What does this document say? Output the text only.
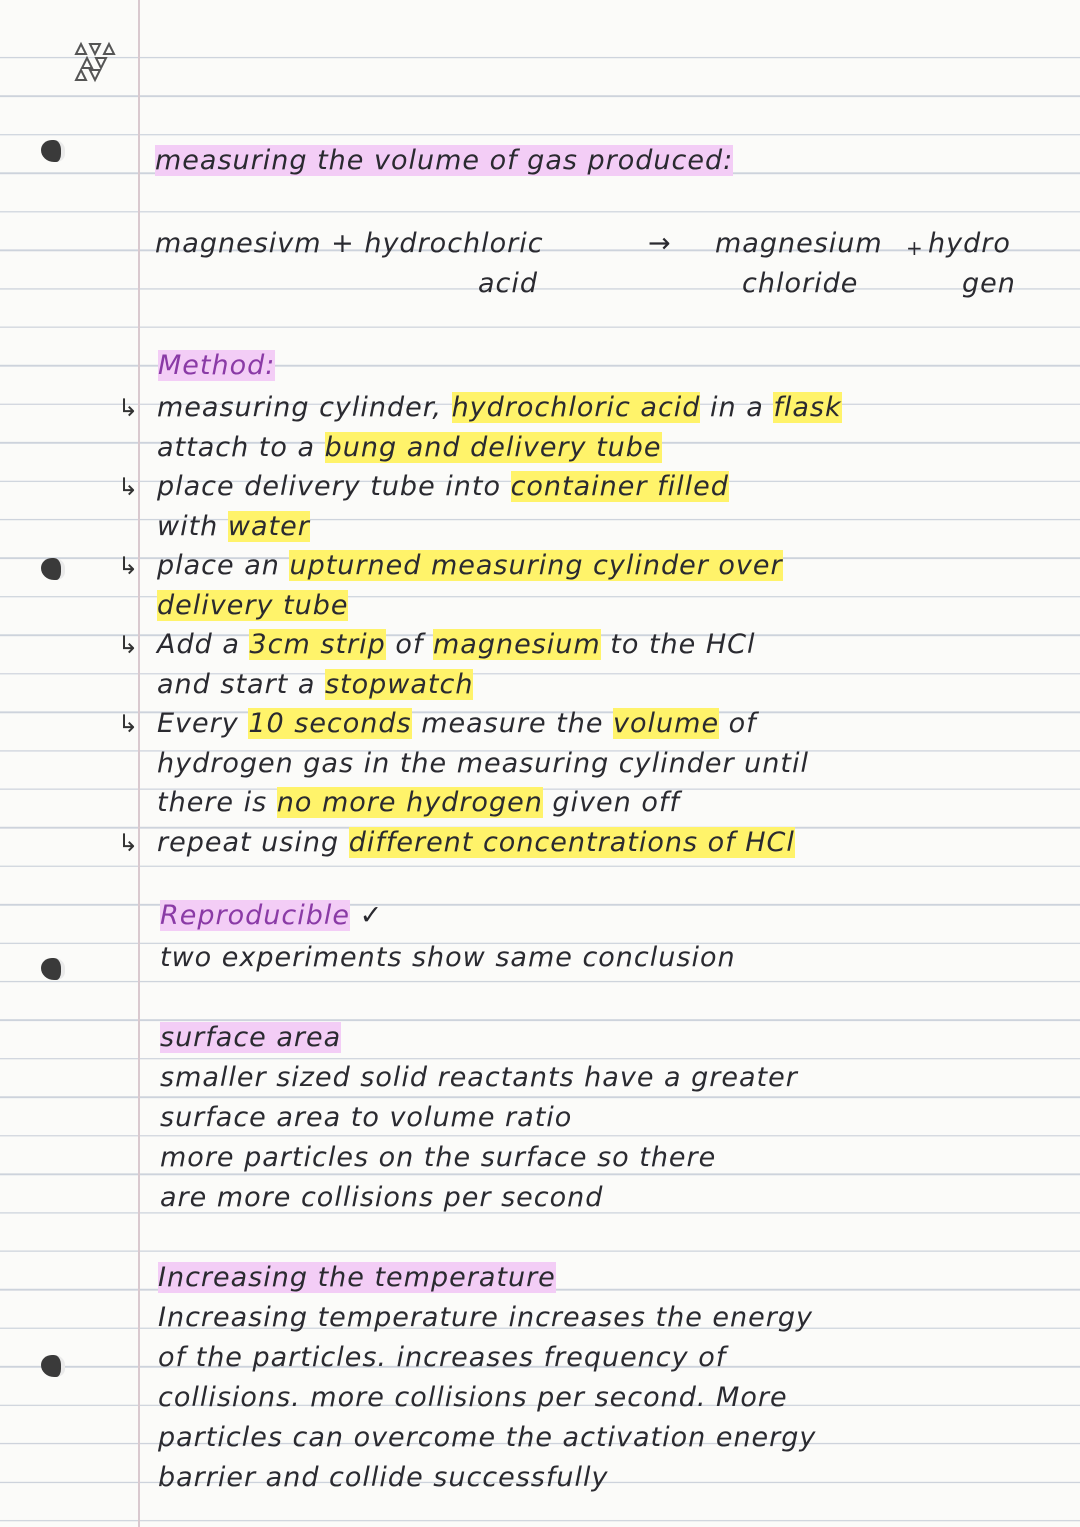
measuring the volume of gas produced:
magnesivm + hydrochloric
acid
→ magnesium + hydro
chloride	gen
Method:
Reproducible ✓
two experiments show same conclusion
surface area
smaller sized solid reactants have a greater
surface area to volume ratio
more particles on the surface so there
are more collisions per second
Increasing the temperature
Increasing temperature increases the energy
of the particles. increases frequency of
collisions. more collisions per second. More
particles can overcome the activation energy
barrier and collide successfully
↳ measuring cylinder, hydrochloric acid in a flask
attach to a bung and delivery tube
↳ place delivery tube into container filled
with water
↳ place an upturned measuring cylinder over
delivery tube
↳ Add a 3cm strip of magnesium to the HCl
and start a stopwatch
↳ Every 10 seconds measure the volume of
hydrogen gas in the measuring cylinder until
there is no more hydrogen given off
↳ repeat using different concentrations of HCl
